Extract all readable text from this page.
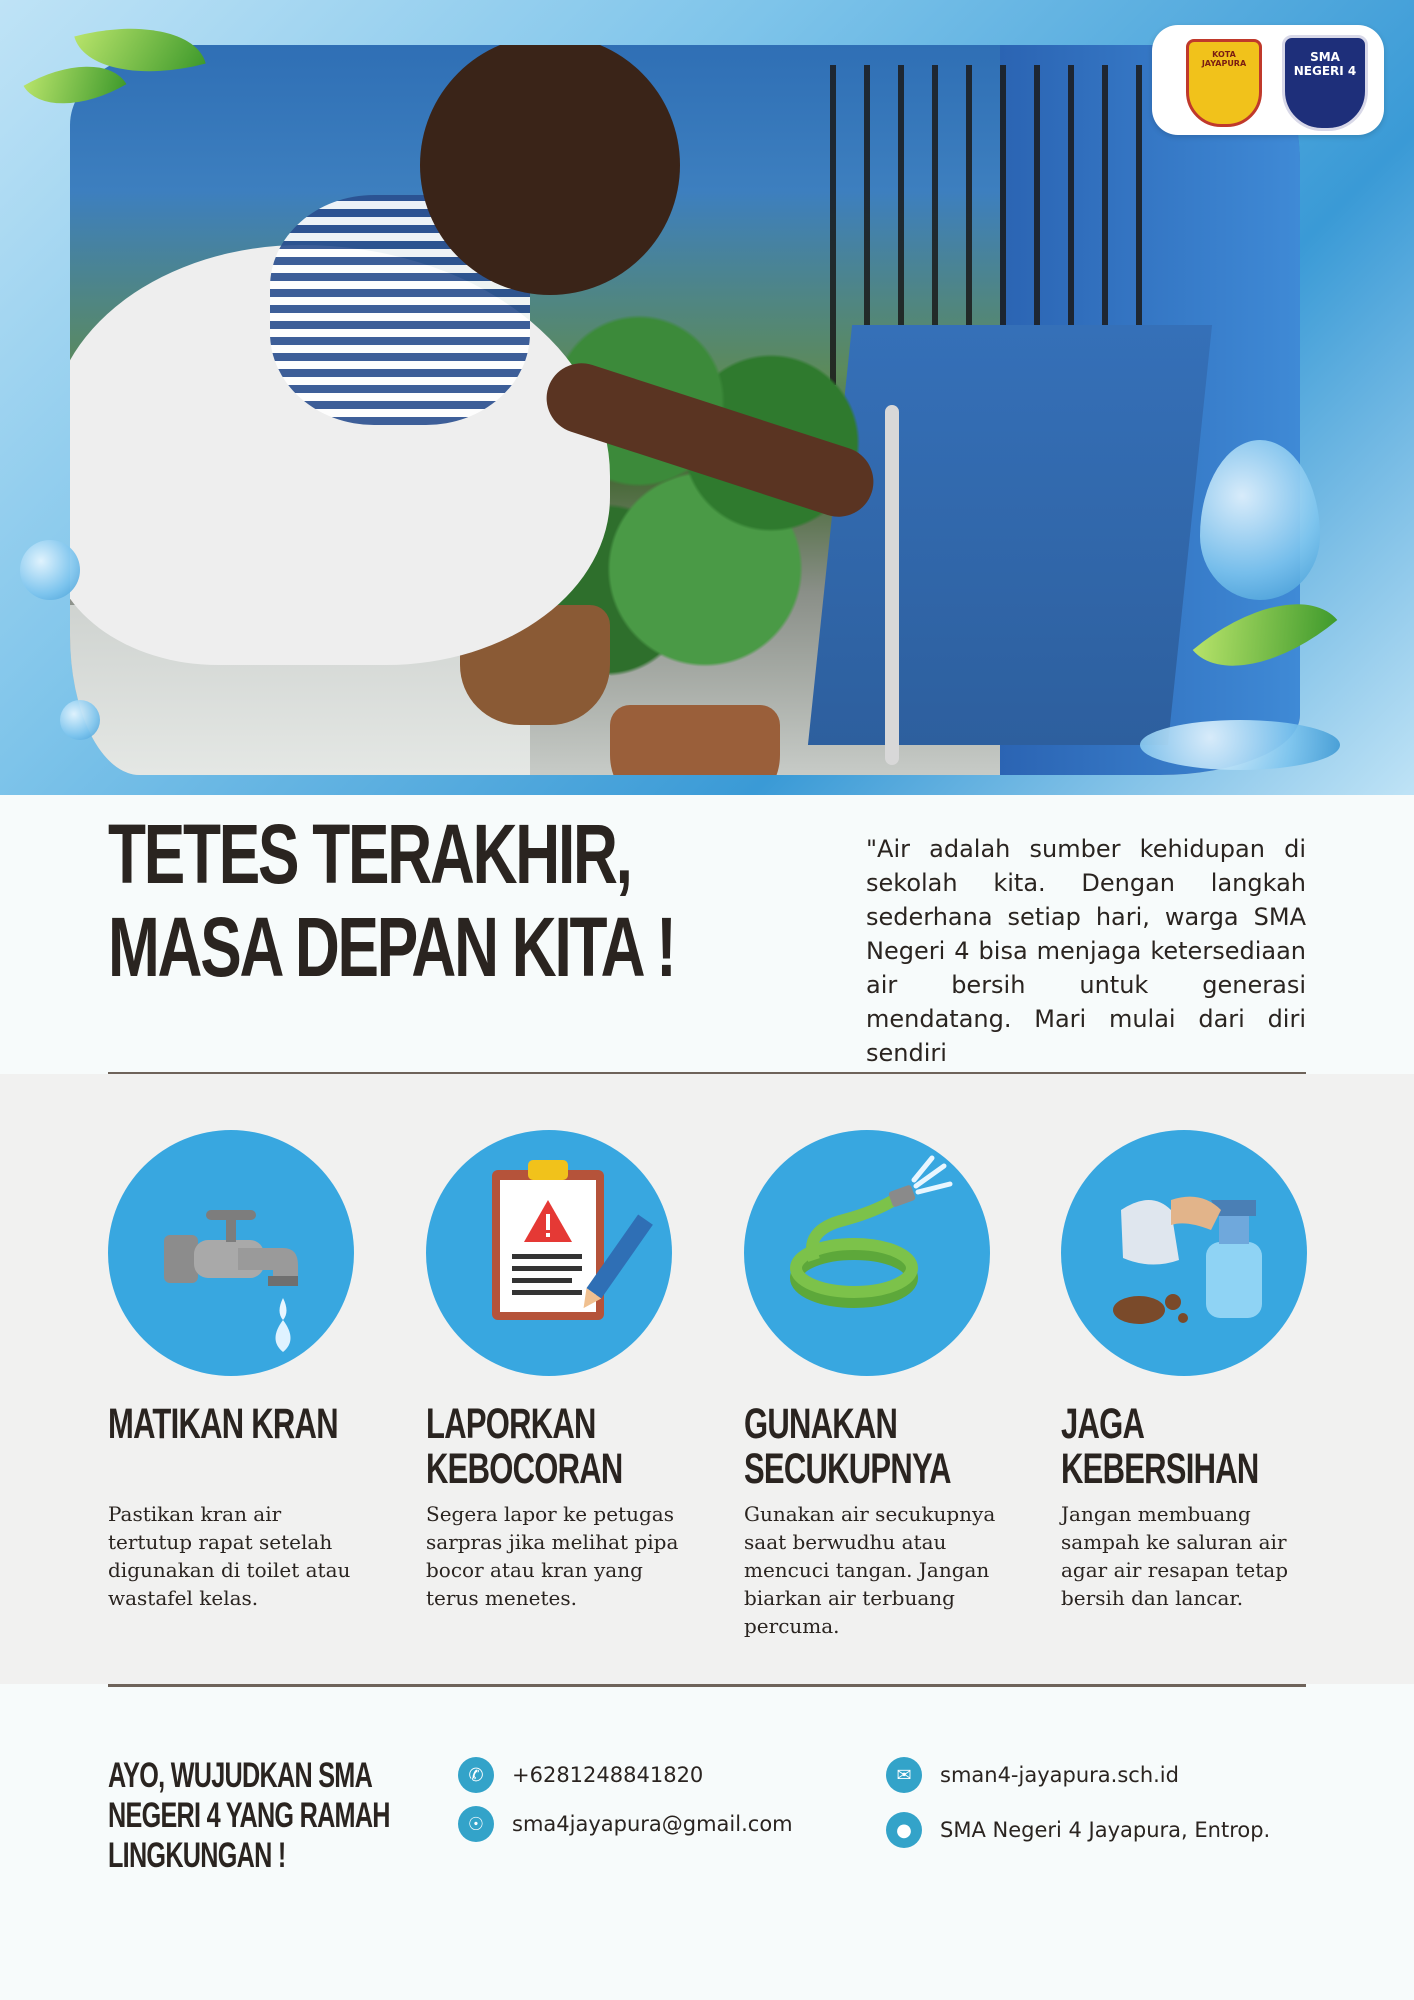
KOTA JAYAPURA	SMA NEGERI 4
TETES TERAKHIR,
MASA DEPAN KITA !
"Air adalah sumber kehidupan di sekolah kita. Dengan langkah sederhana setiap hari, warga SMA Negeri 4 bisa menjaga ketersediaan air bersih untuk generasi mendatang. Mari mulai dari diri sendiri
MATIKAN KRAN

Pastikan kran air tertutup rapat setelah digunakan di toilet atau wastafel kelas.

LAPORKAN
KEBOCORAN

Segera lapor ke petugas sarpras jika melihat pipa bocor atau kran yang terus menetes.

GUNAKAN
SECUKUPNYA

Gunakan air secukupnya saat berwudhu atau mencuci tangan. Jangan biarkan air terbuang percuma.

JAGA
KEBERSIHAN

Jangan membuang sampah ke saluran air agar air resapan tetap bersih dan lancar.

AYO, WUJUDKAN SMA
NEGERI 4 YANG RAMAH
LINGKUNGAN !
✆	+6281248841820
☉	sma4jayapura@gmail.com
✉	sman4-jayapura.sch.id
●	SMA Negeri 4 Jayapura, Entrop.
